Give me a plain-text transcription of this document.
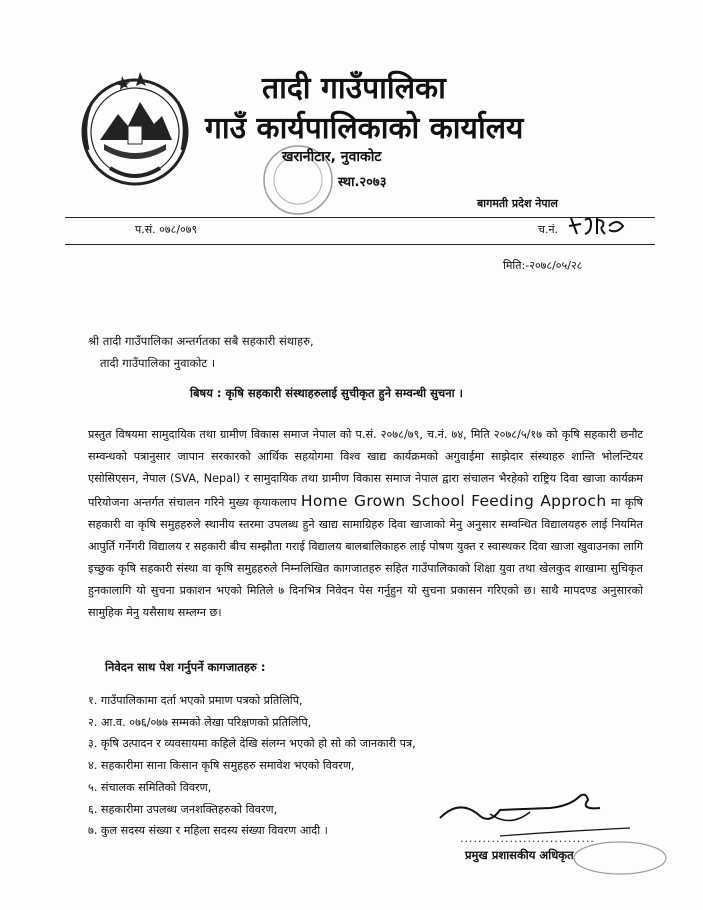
तादी गाउँपालिका
गाउँ कार्यपालिकाको कार्यालय
खरानीटार, नुवाकोट
स्था.२०७३
बागमती प्रदेश नेपाल
प.सं. ०७८/०७९	च.नं.
मिति:-२०७८/०५/२८
श्री तादी गाउँपालिका अन्तर्गतका सबै सहकारी संथाहरु,
तादी गाउँपालिका नुवाकोट ।
बिषय : कृषि सहकारी संस्थाहरुलाई सुचीकृत हुने सम्वन्धी सुचना ।
प्रस्तुत विषयमा सामुदायिक तथा ग्रामीण विकास समाज नेपाल को प.सं. २०७८/७९, च.नं. ७४, मिति २०७८/५/१७ को कृषि सहकारी छनौट सम्वन्धको पत्रानुसार जापान सरकारको आर्थिक सहयोगमा विश्व खाद्य कार्यक्रमको अगुवाईमा साझेदार संस्थाहरु शान्ति भोलन्टियर एसोसिएसन, नेपाल (SVA, Nepal) र सामुदायिक तथा ग्रामीण विकास समाज नेपाल द्वारा संचालन भैरहेको राष्ट्रिय दिवा खाजा कार्यक्रम परियोजना अन्तर्गत संचालन गरिने मुख्य कृयाकलाप Home Grown School Feeding Approch मा कृषि सहकारी वा कृषि समुहहरुले स्थानीय स्तरमा उपलब्ध हुने खाद्य सामाग्रिहरु दिवा खाजाको मेनु अनुसार सम्वन्धित विद्यालयहरु लाई नियमित आपुर्ति गर्नेगरी विद्यालय र सहकारी बीच सम्झौता गराई विद्यालय बालबालिकाहरु लाई पोषण युक्त र स्वास्थकर दिवा खाजा खुवाउनका लागि इच्छुक कृषि सहकारी संस्था वा कृषि समुहहरुले निम्नलिखित कागजातहरु सहित गाउँपालिकाको शिक्षा युवा तथा खेलकुद शाखामा सुचिकृत हुनकालागि यो सुचना प्रकाशन भएको मितिले ७ दिनभित्र निवेदन पेस गर्नुहुन यो सुचना प्रकासन गरिएको छ। साथै मापदण्ड अनुसारको सामुहिक मेनु यसैसाथ सम्लग्न छ।
निवेदन साथ पेश गर्नुपर्ने कागजातहरु :
१. गाउँपालिकामा दर्ता भएको प्रमाण पत्रको प्रतिलिपि,
२. आ.व. ०७६/०७७ सम्मको लेखा परिक्षणको प्रतिलिपि,
३. कृषि उत्पादन र व्यवसायमा कहिले देखि संलग्न भएको हो सो को जानकारी पत्र,
४. सहकारीमा साना किसान कृषि समुहहरु समावेश भएको विवरण,
५. संचालक समितिको विवरण,
६. सहकारीमा उपलब्ध जनशक्तिहरुको विवरण,
७. कुल सदस्य संख्या र महिला सदस्य संख्या विवरण आदी ।
..............................
प्रमुख प्रशासकीय अधिकृत
